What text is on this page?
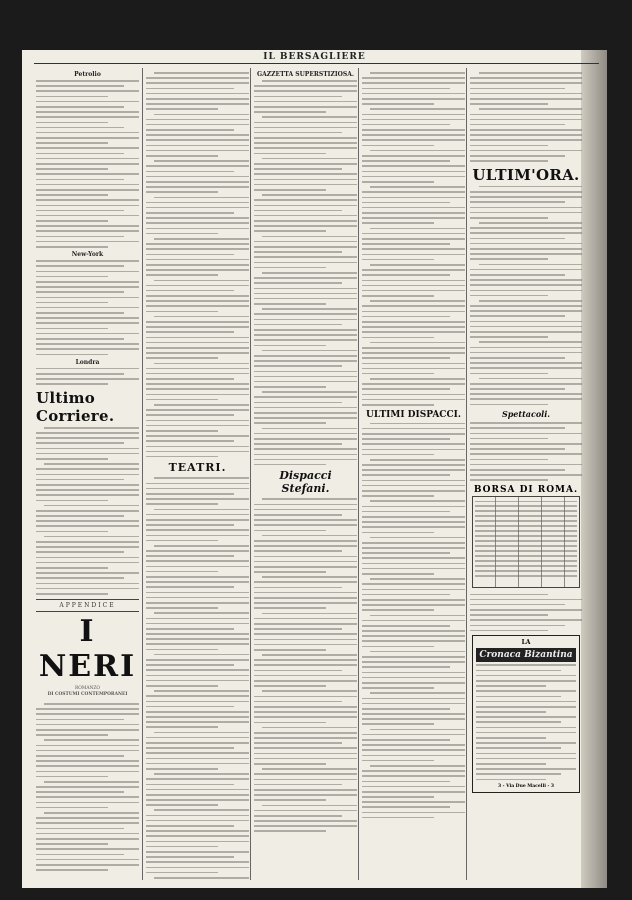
IL BERSAGLIERE
Petrolio
New-York
Londra
Ultimo Corriere.
APPENDICE
I NERI
ROMANZO
DI COSTUMI CONTEMPORANEI
TEATRI.
GAZZETTA SUPERSTIZIOSA.
Dispacci Stefani.
ULTIMI DISPACCI.
ULTIM'ORA.
Spettacoli.
BORSA DI ROMA.
LA
Cronaca Bizantina
3 - Via Due Macelli - 3
